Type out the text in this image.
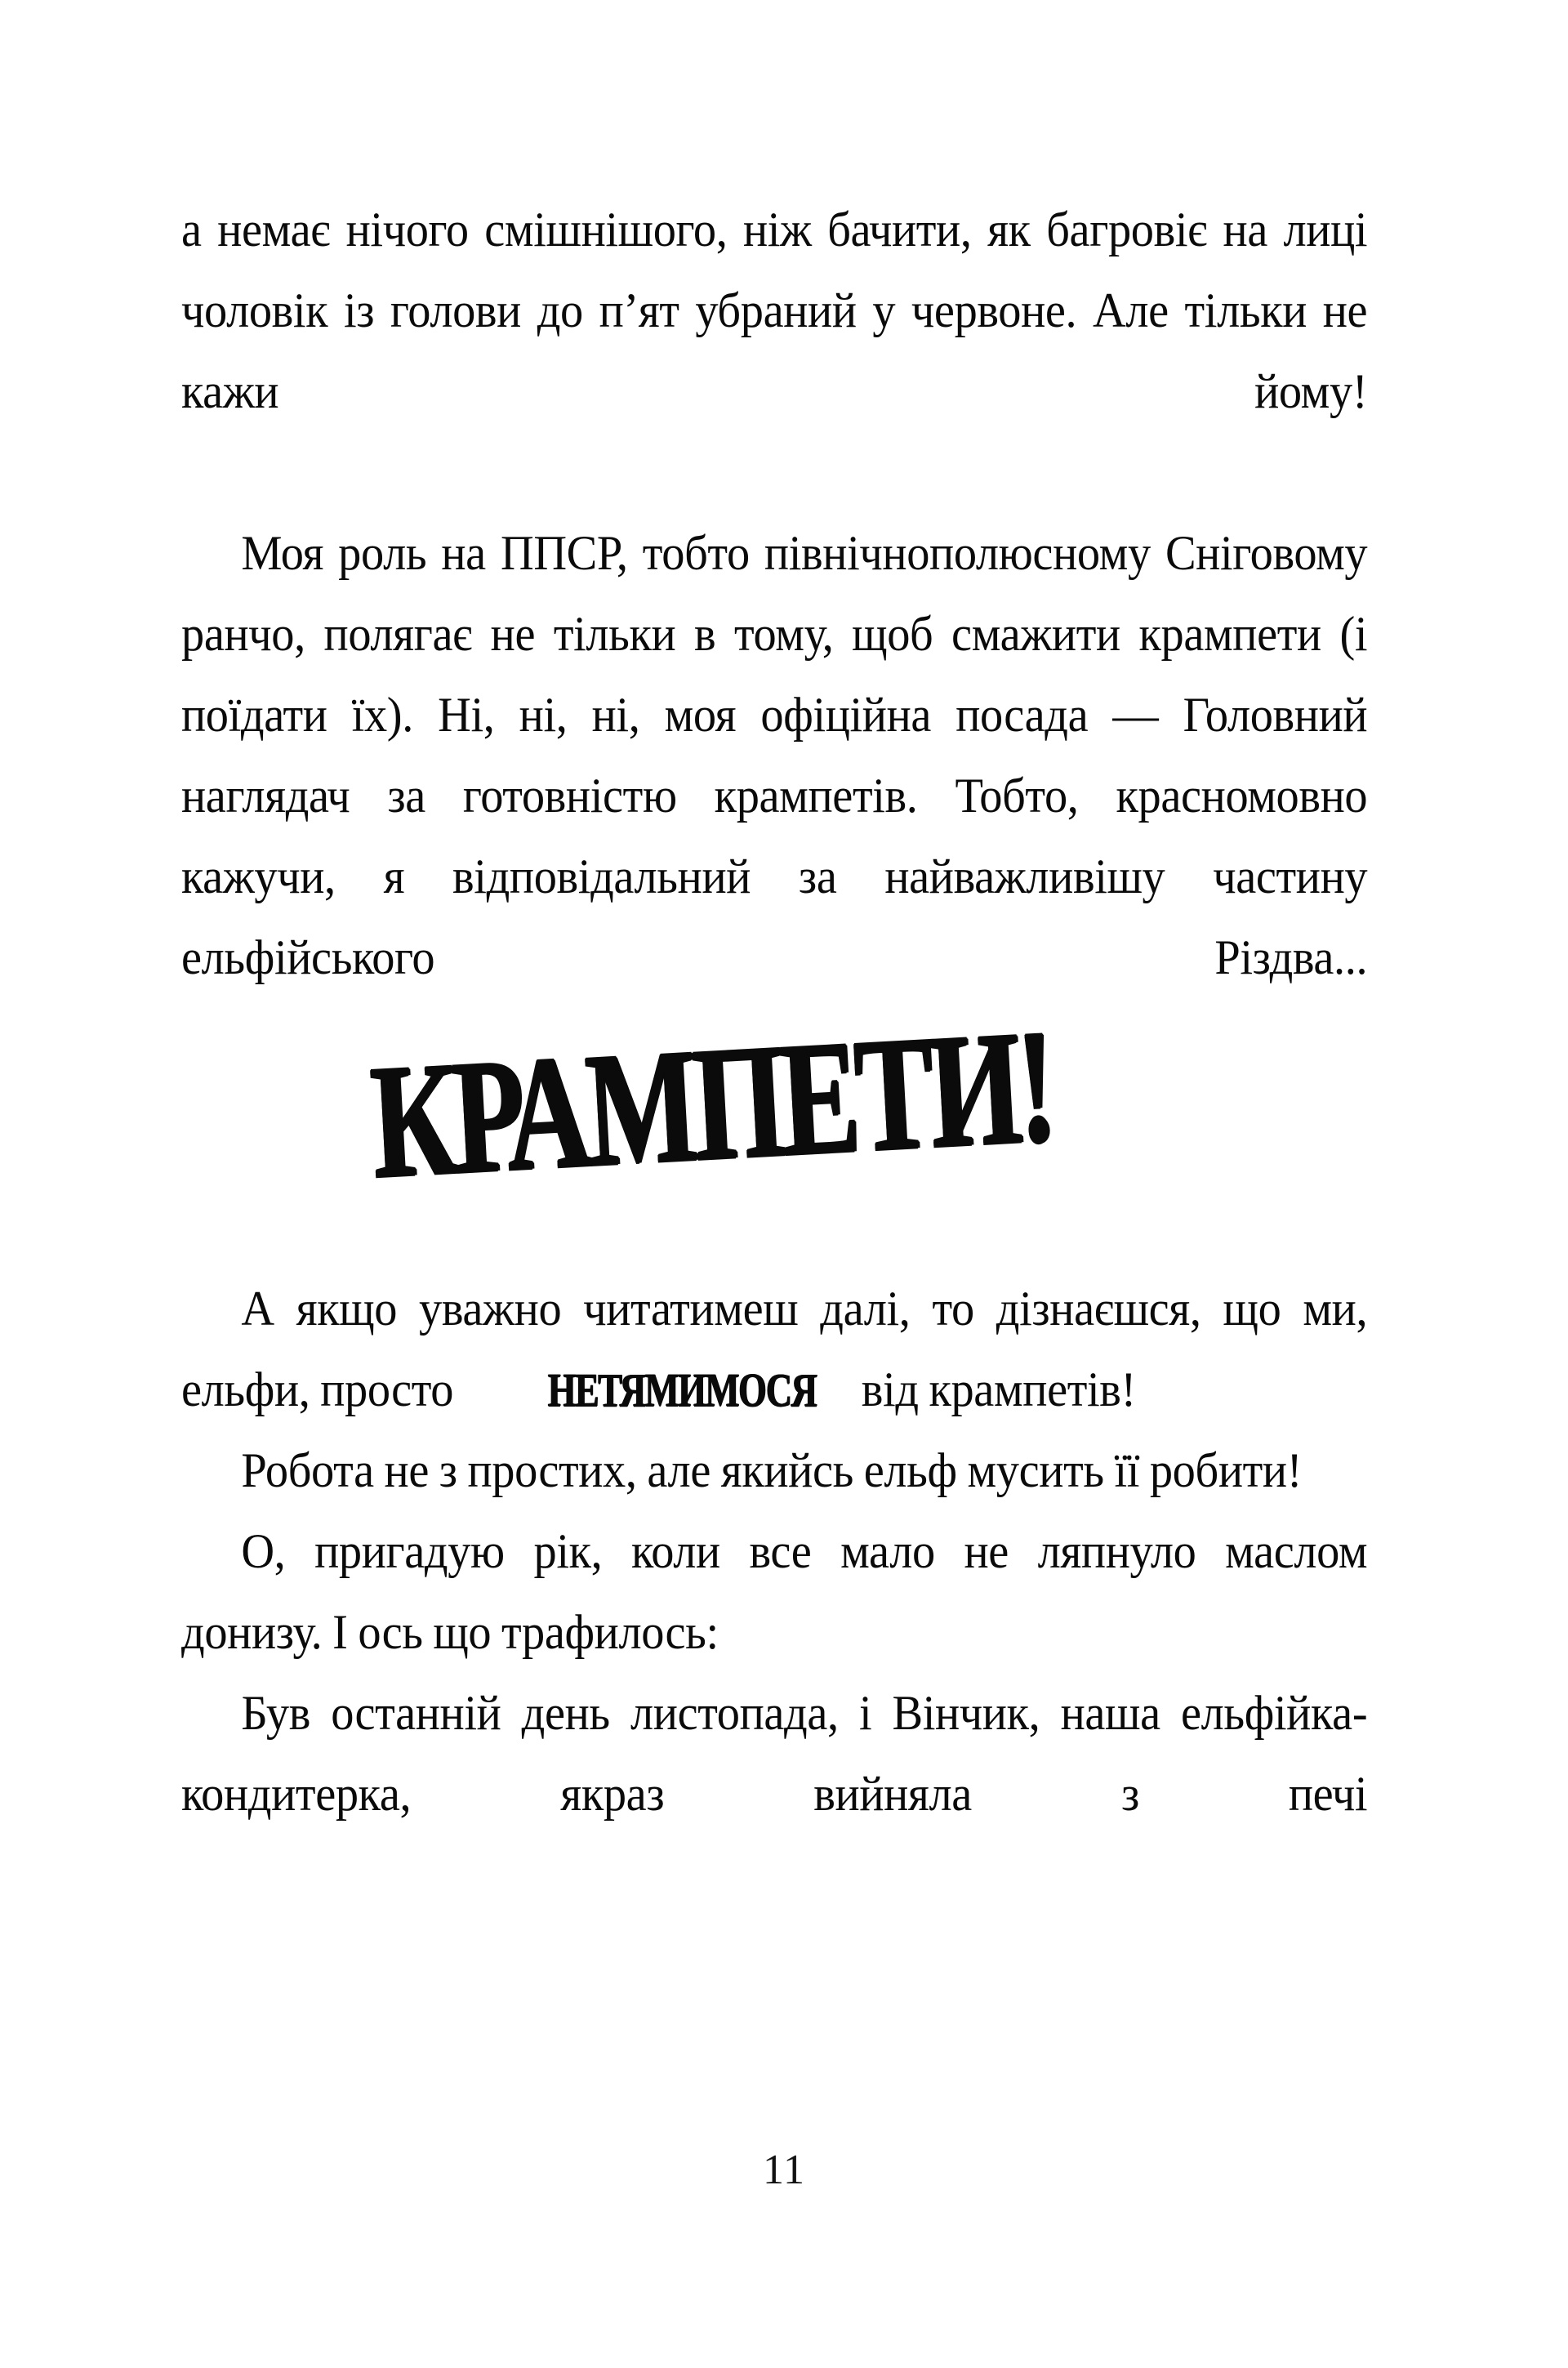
а немає нічого смішнішого, ніж бачити, як багровіє на лиці чоловік із голови до п’ят убраний у червоне. Але тільки не кажи йому!

Моя роль на ППСР, тобто північнополюсному Сніговому ранчо, полягає не тільки в тому, щоб смажити крампети (і поїдати їх). Ні, ні, ні, моя офіційна посада — Головний наглядач за готовністю крампетів. Тобто, красномовно кажучи, я відповідальний за найважливішу частину ельфійського Різдва...

А якщо уважно читатимеш далі, то дізнаєшся, що ми, ельфи, просто НЕТЯМИМОСЯ від крампетів!

Робота не з простих, але якийсь ельф мусить її робити!

О, пригадую рік, коли все мало не ляпнуло маслом донизу. І ось що трафилось:

Був останній день листопада, і Вінчик, наша ельфійка-кондитерка, якраз вийняла з печі

КРАМПЕТИ!
11
